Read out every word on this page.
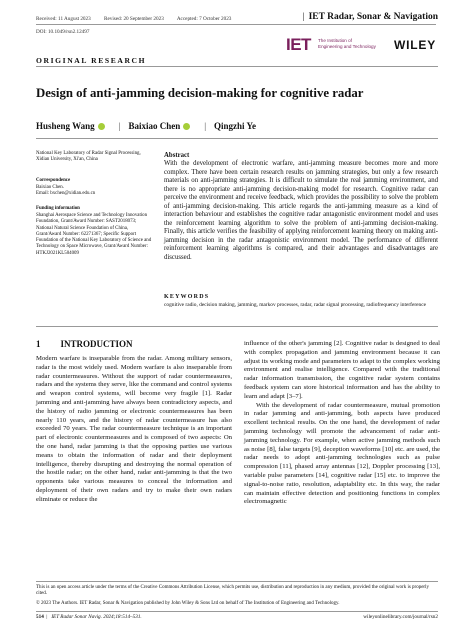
Received: 11 August 2023	Revised: 20 September 2023	Accepted: 7 October 2023
DOI: 10.1049/rsn2.12497
| IET Radar, Sonar & Navigation
IET The Institution of
Engineering and Technology WILEY
ORIGINAL RESEARCH
Design of anti-jamming decision-making for cognitive radar
Husheng Wang	| Baixiao Chen	| Qingzhi Ye
National Key Laboratory of Radar Signal Processing, Xidian University, Xi'an, China
Correspondence
Baixiao Chen.
Email: bxchen@xidian.edu.cn
Funding information
Shanghai Aerospace Science and Technology Innovation Foundation, Grant/Award Number: SAST2018073; National Natural Science Foundation of China, Grant/Award Number: 62271367; Specific Support Foundation of the National Key Laboratory of Science and Technology on Space Microwave, Grant/Award Number: HTKJ2021KL504009
Abstract
With the development of electronic warfare, anti-jamming measure becomes more and more complex. There have been certain research results on jamming strategies, but only a few research materials on anti-jamming strategies. It is difficult to simulate the real jamming environment, and there is no appropriate anti-jamming decision-making model for research. Cognitive radar can perceive the environment and receive feedback, which provides the possibility to solve the problem of anti-jamming decision-making. This article regards the anti-jamming measure as a kind of interaction behaviour and establishes the cognitive radar antagonistic environment model and uses the reinforcement learning algorithm to solve the problem of anti-jamming decision-making. Finally, this article verifies the feasibility of applying reinforcement learning theory on making anti-jamming decision in the radar antagonistic environment model. The performance of different reinforcement learning algorithms is compared, and their advantages and disadvantages are discussed.
KEYWORDS
cognitive radio, decision making, jamming, markov processes, radar, radar signal processing, radiofrequency interference
1 INTRODUCTION
Modern warfare is inseparable from the radar. Among military sensors, radar is the most widely used. Modern warfare is also inseparable from radar countermeasures. Without the support of radar countermeasures, radars and the systems they serve, like the command and control systems and weapon control systems, will become very fragile [1]. Radar jamming and anti-jamming have always been contradictory aspects, and the history of radio jamming or electronic countermeasures has been nearly 110 years, and the history of radar countermeasure has also exceeded 70 years. The radar countermeasure technique is an important part of electronic countermeasures and is composed of two aspects: On the one hand, radar jamming is that the opposing parties use various means to obtain the information of radar and their deployment intelligence, thereby disrupting and destroying the normal operation of the hostile radar; on the other hand, radar anti-jamming is that the two opponents take various measures to conceal the information and deployment of their own radars and try to make their own radars eliminate or reduce the
influence of the other's jamming [2]. Cognitive radar is designed to deal with complex propagation and jamming environment because it can adjust its working mode and parameters to adapt to the complex working environment and realise intelligence. Compared with the traditional radar information transmission, the cognitive radar system contains feedback system can store historical information and has the ability to learn and adapt [3–7].
With the development of radar countermeasure, mutual promotion in radar jamming and anti-jamming, both aspects have produced excellent technical results. On the one hand, the development of radar jamming technology will promote the advancement of radar anti-jamming technology. For example, when active jamming methods such as noise [8], false targets [9], deception waveforms [10] etc. are used, the radar needs to adopt anti-jamming technologies such as pulse compression [11], phased array antennas [12], Doppler processing [13], variable pulse parameters [14], cognitive radar [15] etc. to improve the signal-to-noise ratio, resolution, adaptability etc. In this way, the radar can maintain effective detection and positioning functions in complex electromagnetic
This is an open access article under the terms of the Creative Commons Attribution License, which permits use, distribution and reproduction in any medium, provided the original work is properly cited.
© 2023 The Authors. IET Radar, Sonar & Navigation published by John Wiley & Sons Ltd on behalf of The Institution of Engineering and Technology.
514  |   IET Radar Sonar Navig. 2024;18:514–531.	wileyonlinelibrary.com/journal/rsn2
